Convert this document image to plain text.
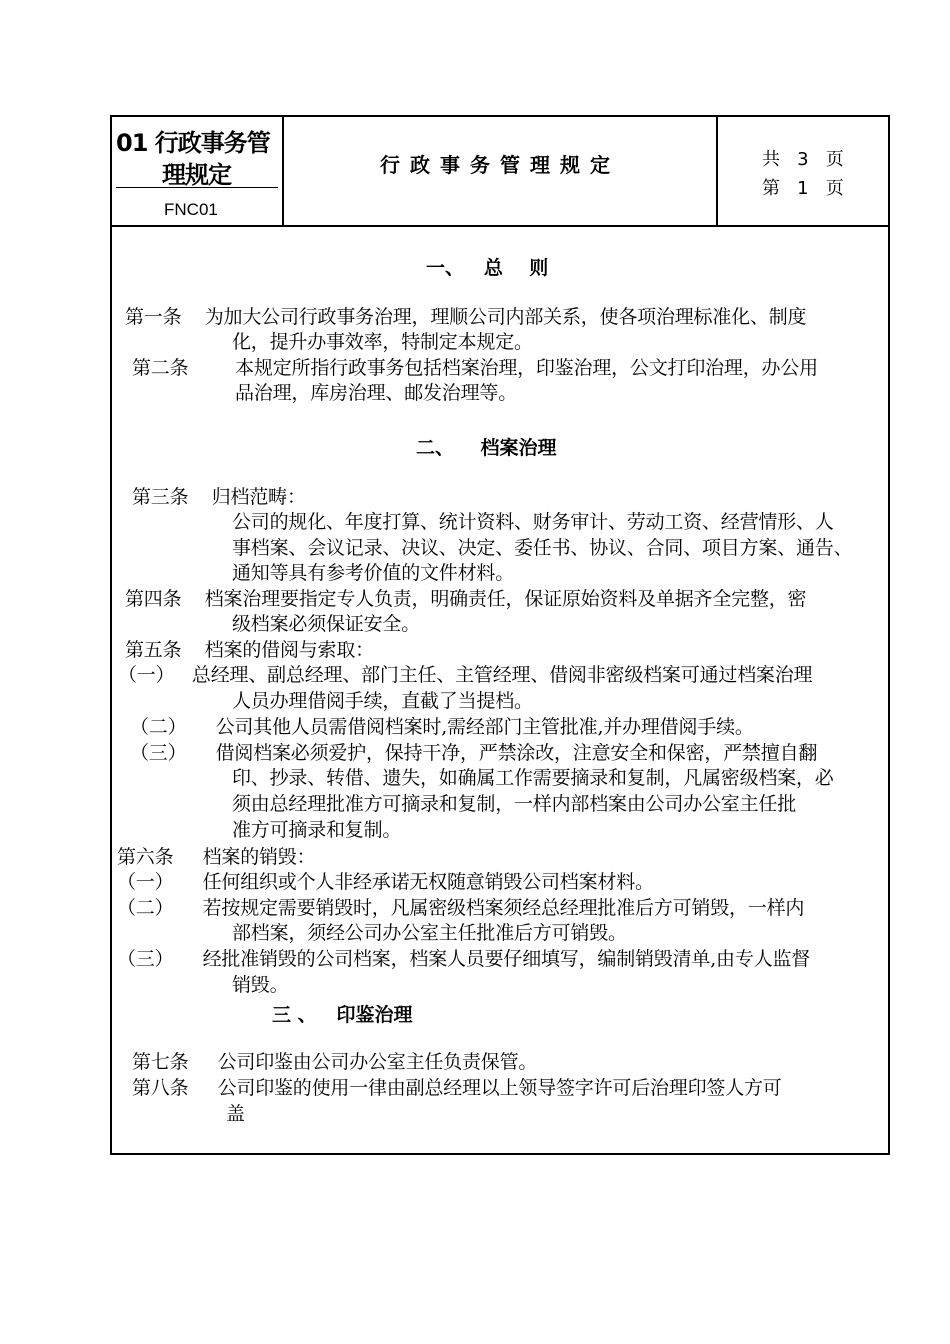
01 行政事务管
理规定
FNC01
行政事务管理规定	共   3   页
第   1   页
一、   总    则
第一条    为加大公司行政事务治理，理顺公司内部关系，使各项治理标准化、制度
化，提升办事效率，特制定本规定。
第二条        本规定所指行政事务包括档案治理，印鉴治理，公文打印治理，办公用
品治理，库房治理、邮发治理等。
二、    档案治理
第三条    归档范畴：
公司的规化、年度打算、统计资料、财务审计、劳动工资、经营情形、人
事档案、会议记录、决议、决定、委任书、协议、合同、项目方案、通告、
通知等具有参考价值的文件材料。
第四条    档案治理要指定专人负责，明确责任，保证原始资料及单据齐全完整，密
级档案必须保证安全。
第五条    档案的借阅与索取：
（一）   总经理、副总经理、部门主任、主管经理、借阅非密级档案可通过档案治理
人员办理借阅手续，直截了当提档。
（二）     公司其他人员需借阅档案时,需经部门主管批准,并办理借阅手续。
（三）     借阅档案必须爱护，保持干净，严禁涂改，注意安全和保密，严禁擅自翻
印、抄录、转借、遗失，如确属工作需要摘录和复制，凡属密级档案，必
须由总经理批准方可摘录和复制，一样内部档案由公司办公室主任批
准方可摘录和复制。
第六条     档案的销毁：
（一）     任何组织或个人非经承诺无权随意销毁公司档案材料。
（二）     若按规定需要销毁时，凡属密级档案须经总经理批准后方可销毁，一样内
部档案，须经公司办公室主任批准后方可销毁。
（三）     经批准销毁的公司档案，档案人员要仔细填写，编制销毁清单,由专人监督
销毁。
三 、   印鉴治理
第七条     公司印鉴由公司办公室主任负责保管。
第八条     公司印鉴的使用一律由副总经理以上领导签字许可后治理印签人方可
盖
